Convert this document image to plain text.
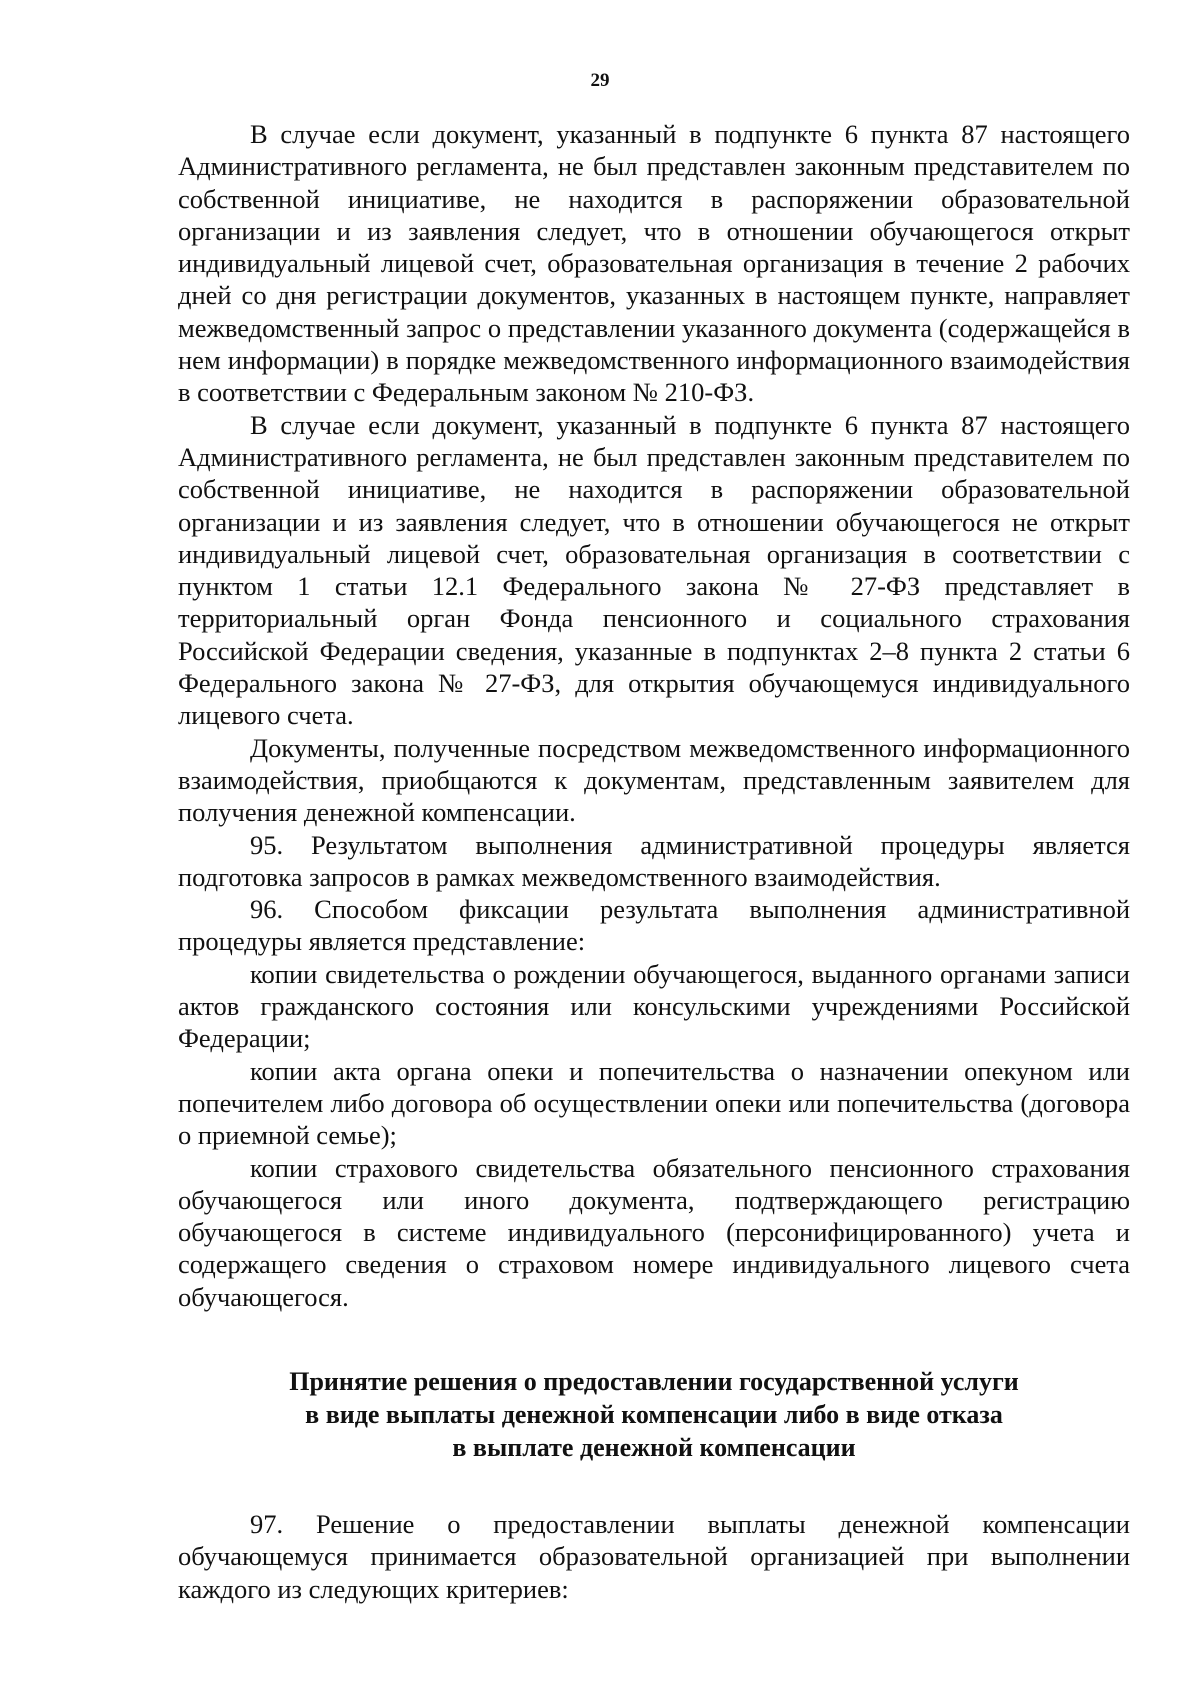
29

В случае если документ, указанный в подпункте 6 пункта 87 настоящего Административного регламента, не был представлен законным представителем по собственной инициативе, не находится в распоряжении образовательной организации и из заявления следует, что в отношении обучающегося открыт индивидуальный лицевой счет, образовательная организация в течение 2 рабочих дней со дня регистрации документов, указанных в настоящем пункте, направляет межведомственный запрос о представлении указанного документа (содержащейся в нем информации) в порядке межведомственного информационного взаимодействия в соответствии с Федеральным законом № 210-ФЗ.

В случае если документ, указанный в подпункте 6 пункта 87 настоящего Административного регламента, не был представлен законным представителем по собственной инициативе, не находится в распоряжении образовательной организации и из заявления следует, что в отношении обучающегося не открыт индивидуальный лицевой счет, образовательная организация в соответствии с пунктом 1 статьи 12.1 Федерального закона № 27-ФЗ представляет в территориальный орган Фонда пенсионного и социального страхования Российской Федерации сведения, указанные в подпунктах 2–8 пункта 2 статьи 6 Федерального закона № 27-ФЗ, для открытия обучающемуся индивидуального лицевого счета.

Документы, полученные посредством межведомственного информационного взаимодействия, приобщаются к документам, представленным заявителем для получения денежной компенсации.

95. Результатом выполнения административной процедуры является подготовка запросов в рамках межведомственного взаимодействия.

96. Способом фиксации результата выполнения административной процедуры является представление:

копии свидетельства о рождении обучающегося, выданного органами записи актов гражданского состояния или консульскими учреждениями Российской Федерации;

копии акта органа опеки и попечительства о назначении опекуном или попечителем либо договора об осуществлении опеки или попечительства (договора о приемной семье);

копии страхового свидетельства обязательного пенсионного страхования обучающегося или иного документа, подтверждающего регистрацию обучающегося в системе индивидуального (персонифицированного) учета и содержащего сведения о страховом номере индивидуального лицевого счета обучающегося.

Принятие решения о предоставлении государственной услуги
в виде выплаты денежной компенсации либо в виде отказа
в выплате денежной компенсации

97. Решение о предоставлении выплаты денежной компенсации обучающемуся принимается образовательной организацией при выполнении каждого из следующих критериев:
